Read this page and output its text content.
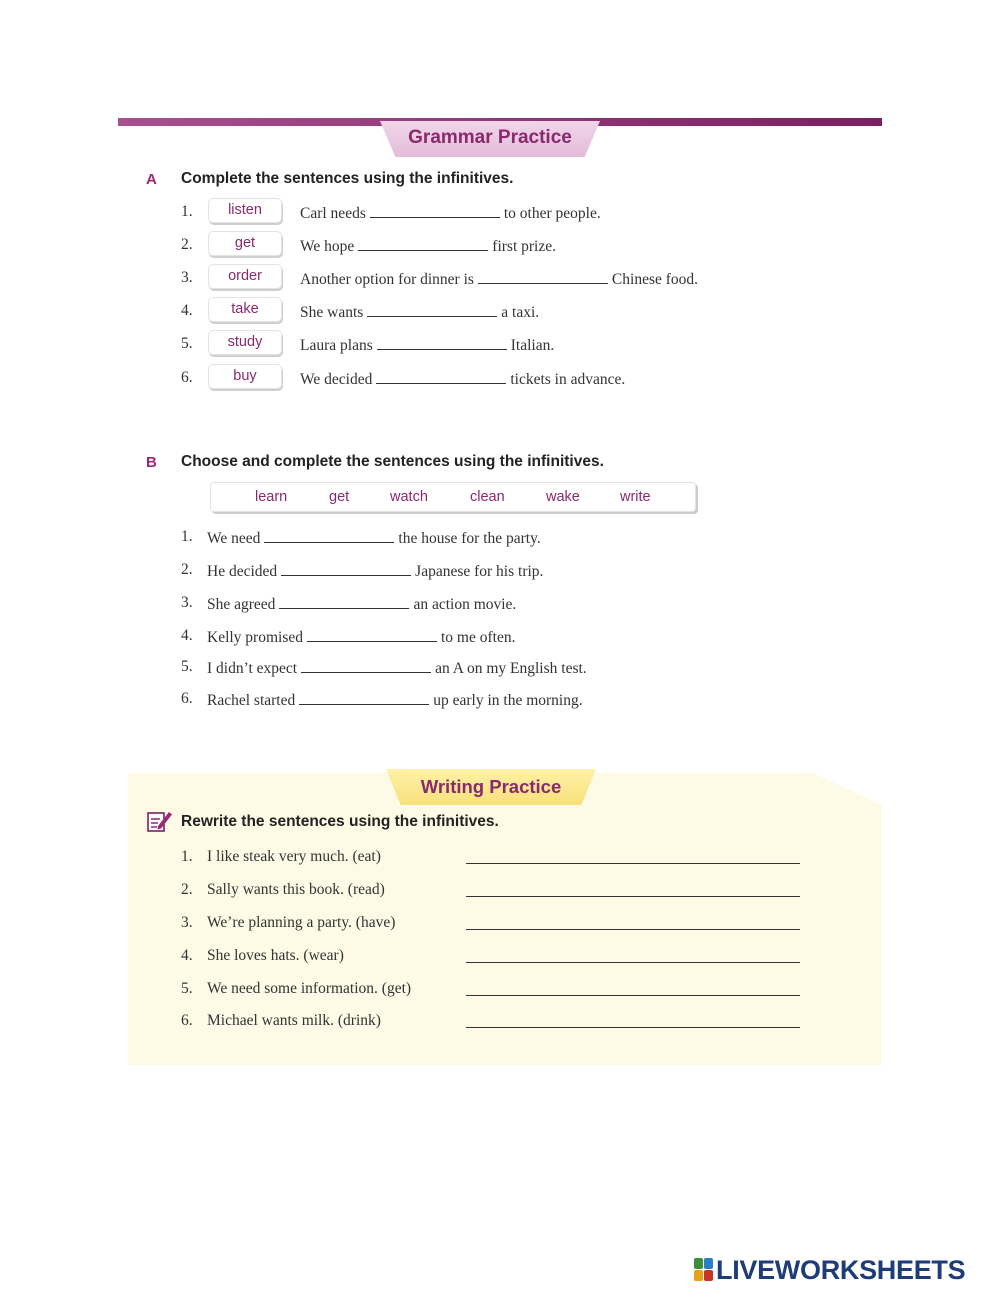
Grammar Practice
A Complete the sentences using the infinitives.
1.	listen	Carl needs	to other people.
2.	get	We hope	first prize.
3.	order	Another option for dinner is	Chinese food.
4.	take	She wants	a taxi.
5.	study	Laura plans	Italian.
6.	buy	We decided	tickets in advance.
B Choose and complete the sentences using the infinitives.
learn	get	watch	clean	wake	write
1. We need	the house for the party.
2. He decided	Japanese for his trip.
3. She agreed	an action movie.
4. Kelly promised	to me often.
5. I didn’t expect	an A on my English test.
6. Rachel started	up early in the morning.
Writing Practice
Rewrite the sentences using the infinitives.
1. I like steak very much. (eat)
2. Sally wants this book. (read)
3. We’re planning a party. (have)
4. She loves hats. (wear)
5. We need some information. (get)
6. Michael wants milk. (drink)
LIVEWORKSHEETS
